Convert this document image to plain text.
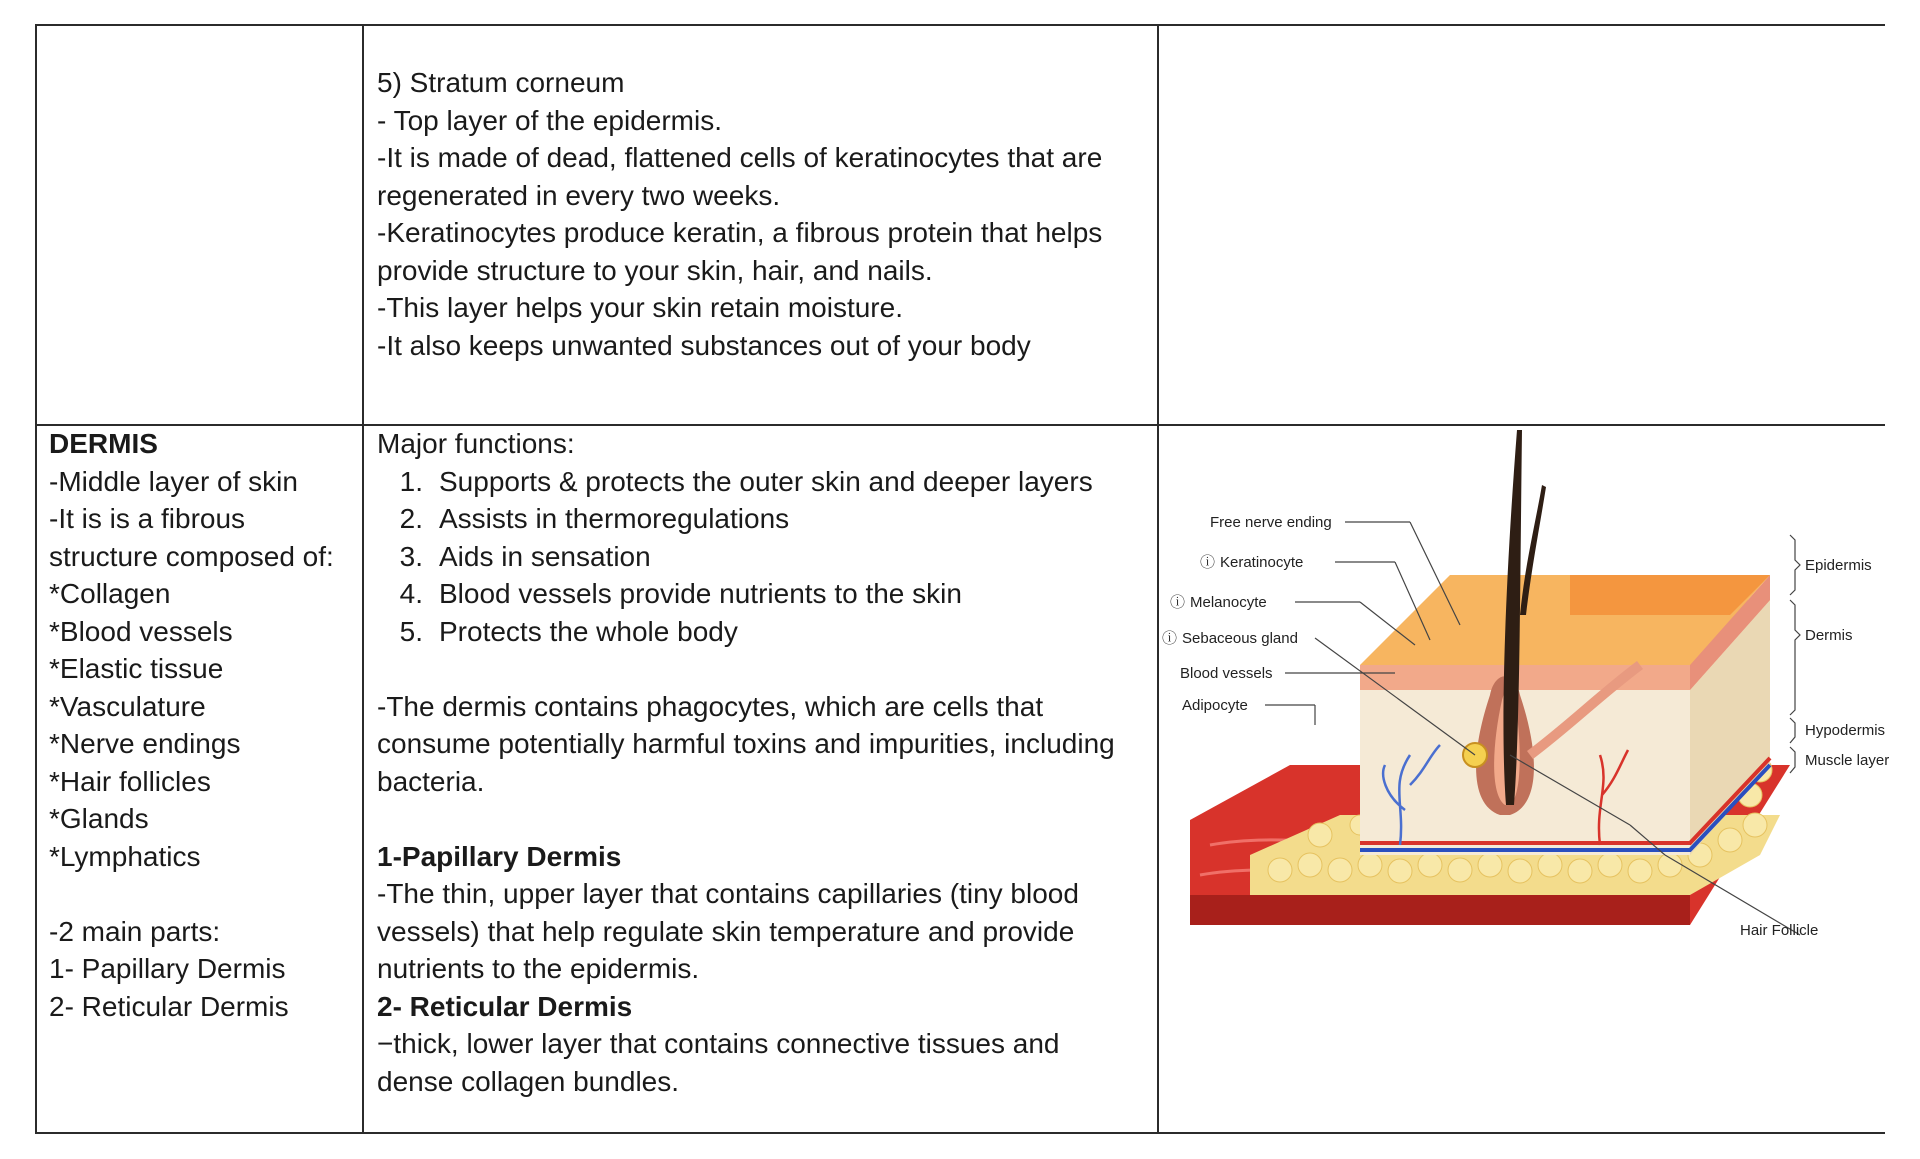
5) Stratum corneum

- Top layer of the epidermis.

-It is made of dead, flattened cells of keratinocytes that are

regenerated in every two weeks.

-Keratinocytes produce keratin, a fibrous protein that helps

provide structure to your skin, hair, and nails.

-This layer helps your skin retain moisture.

-It also keeps unwanted substances out of your body

DERMIS

-Middle layer of skin

-It is is a fibrous

structure composed of:

*Collagen

*Blood vessels

*Elastic tissue

*Vasculature

*Nerve endings

*Hair follicles

*Glands

*Lymphatics

-2 main parts:

1- Papillary Dermis

2- Reticular Dermis

Major functions:

1. Supports & protects the outer skin and deeper layers
2. Assists in thermoregulations
3. Aids in sensation
4. Blood vessels provide nutrients to the skin
5. Protects the whole body

-The dermis contains phagocytes, which are cells that

consume potentially harmful toxins and impurities, including

bacteria.

1-Papillary Dermis

-The thin, upper layer that contains capillaries (tiny blood

vessels) that help regulate skin temperature and provide

nutrients to the epidermis.

2- Reticular Dermis

−thick, lower layer that contains connective tissues and

dense collagen bundles.

Free nerve ending
ⓘ Keratinocyte
ⓘ Melanocyte
ⓘ Sebaceous gland
Blood vessels
Adipocyte
Epidermis
Dermis
Hypodermis
Muscle layer
Hair Follicle
